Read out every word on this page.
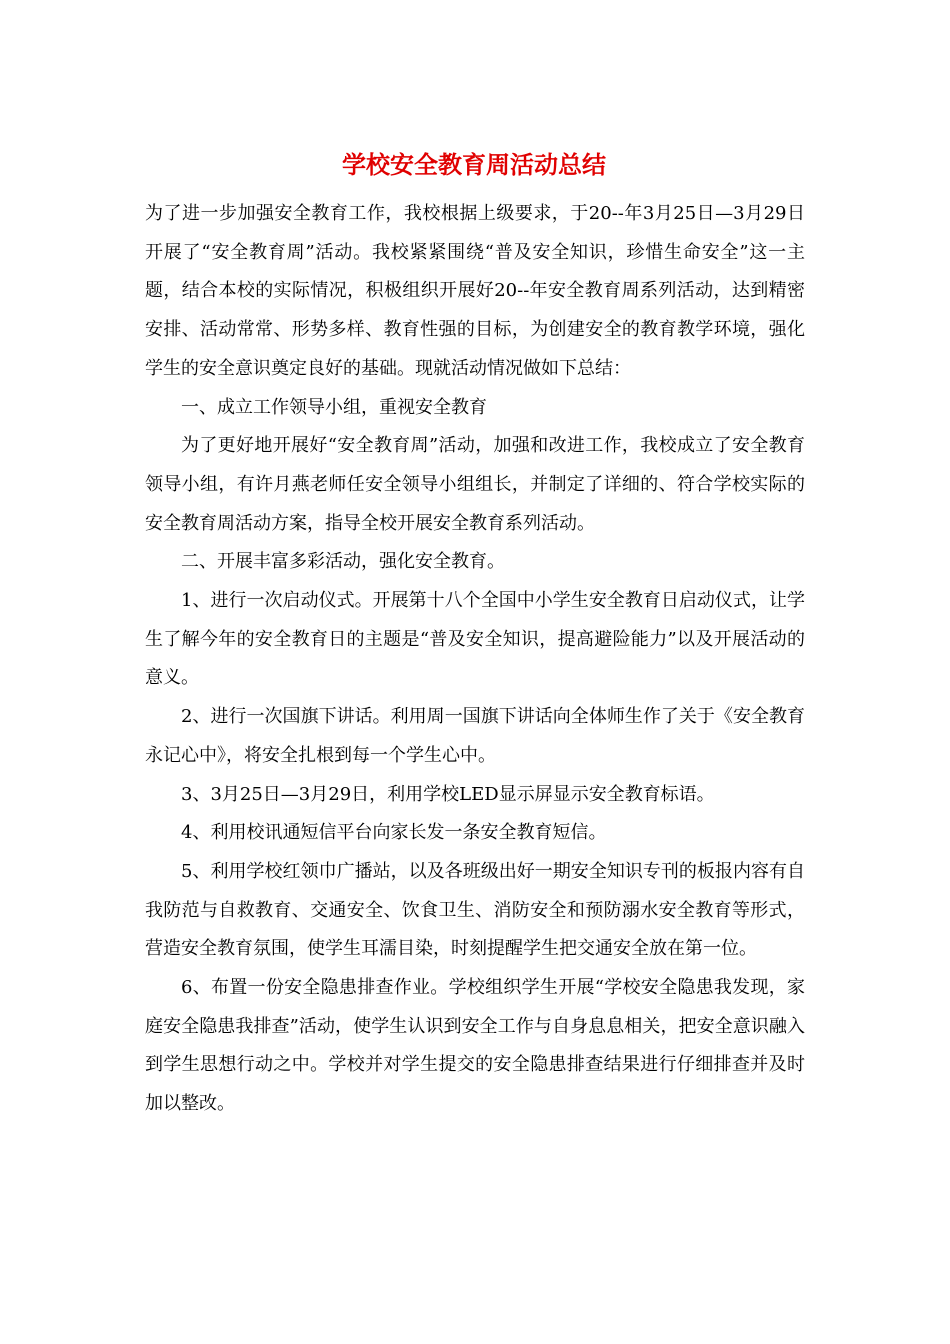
学校安全教育周活动总结

为了进一步加强安全教育工作，我校根据上级要求，于20--年3月25日—3月29日开展了“安全教育周”活动。我校紧紧围绕“普及安全知识，珍惜生命安全”这一主题，结合本校的实际情况，积极组织开展好20--年安全教育周系列活动，达到精密安排、活动常常、形势多样、教育性强的目标，为创建安全的教育教学环境，强化学生的安全意识奠定良好的基础。现就活动情况做如下总结：

一、成立工作领导小组，重视安全教育

为了更好地开展好“安全教育周”活动，加强和改进工作，我校成立了安全教育领导小组，有许月燕老师任安全领导小组组长，并制定了详细的、符合学校实际的安全教育周活动方案，指导全校开展安全教育系列活动。

二、开展丰富多彩活动，强化安全教育。

1、进行一次启动仪式。开展第十八个全国中小学生安全教育日启动仪式，让学生了解今年的安全教育日的主题是“普及安全知识，提高避险能力”以及开展活动的意义。

2、进行一次国旗下讲话。利用周一国旗下讲话向全体师生作了关于《安全教育永记心中》，将安全扎根到每一个学生心中。

3、3月25日—3月29日，利用学校LED显示屏显示安全教育标语。

4、利用校讯通短信平台向家长发一条安全教育短信。

5、利用学校红领巾广播站，以及各班级出好一期安全知识专刊的板报内容有自我防范与自救教育、交通安全、饮食卫生、消防安全和预防溺水安全教育等形式，营造安全教育氛围，使学生耳濡目染，时刻提醒学生把交通安全放在第一位。

6、布置一份安全隐患排查作业。学校组织学生开展“学校安全隐患我发现，家庭安全隐患我排查”活动，使学生认识到安全工作与自身息息相关，把安全意识融入到学生思想行动之中。学校并对学生提交的安全隐患排查结果进行仔细排查并及时加以整改。
